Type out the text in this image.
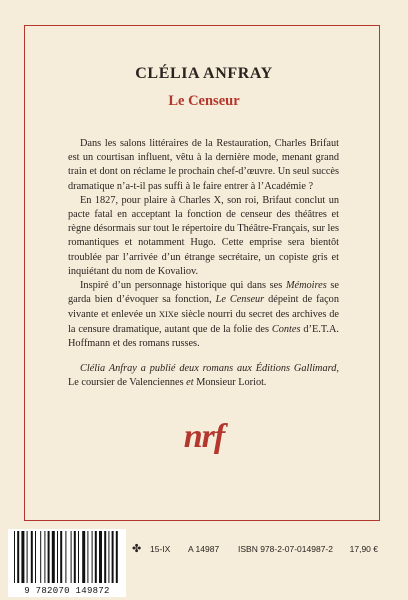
CLÉLIA ANFRAY
Le Censeur

Dans les salons littéraires de la Restauration, Charles Brifaut est un courtisan influent, vêtu à la dernière mode, menant grand train et dont on réclame le prochain chef-d’œuvre. Un seul succès dramatique n’a-t-il pas suffi à le faire entrer à l’Académie ?

En 1827, pour plaire à Charles X, son roi, Brifaut conclut un pacte fatal en acceptant la fonction de censeur des théâtres et règne désormais sur tout le répertoire du Théâtre-Français, sur les romantiques et notamment Hugo. Cette emprise sera bientôt troublée par l’arrivée d’un étrange secrétaire, un copiste gris et inquiétant du nom de Kovaliov.

Inspiré d’un personnage historique qui dans ses Mémoires se garda bien d’évoquer sa fonction, Le Censeur dépeint de façon vivante et enlevée un XIXe siècle nourri du secret des archives de la censure dramatique, autant que de la folie des Contes d’E.T.A. Hoffmann et des romans russes.

Clélia Anfray a publié deux romans aux Éditions Gallimard, Le coursier de Valenciennes et Monsieur Loriot.

nrf
9 782070 149872
✤ 15-IX A 14987 ISBN 978-2-07-014987-2 17,90 €
